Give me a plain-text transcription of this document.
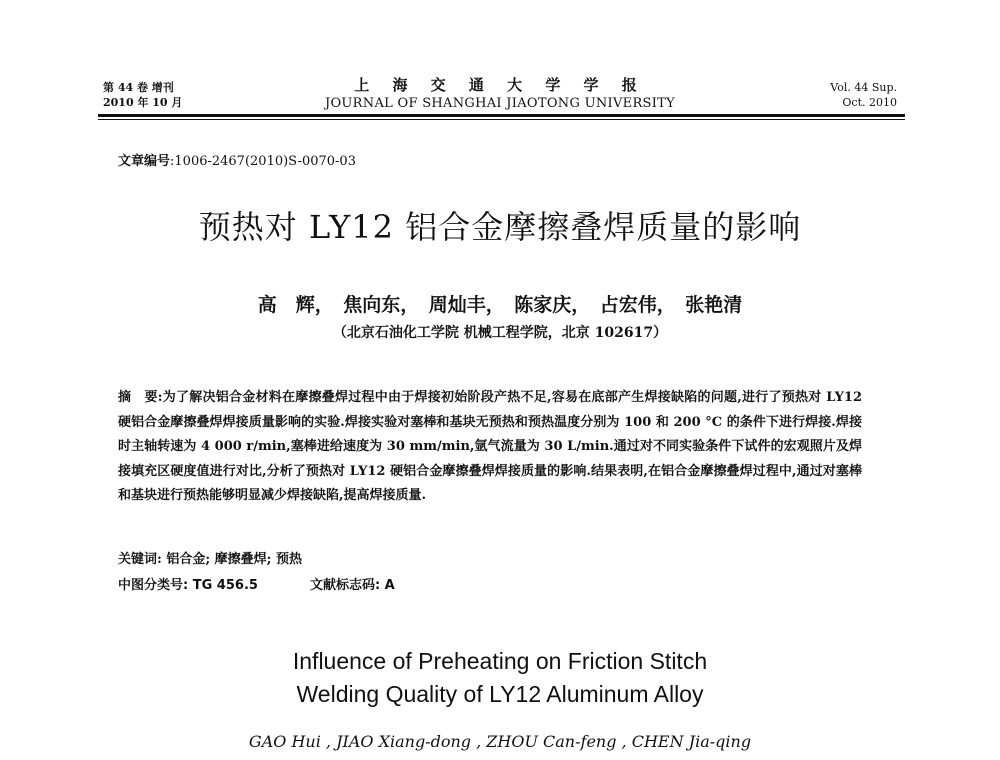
第 44 卷 增刊
2010 年 10 月
上 海 交 通 大 学 学 报
JOURNAL OF SHANGHAI JIAOTONG UNIVERSITY
Vol. 44 Sup.
Oct. 2010
文章编号:1006-2467(2010)S-0070-03
预热对 LY12 铝合金摩擦叠焊质量的影响
高　辉，　焦向东，　周灿丰，　陈家庆，　占宏伟，　张艳清
（北京石油化工学院 机械工程学院，北京 102617）
摘　要:为了解决铝合金材料在摩擦叠焊过程中由于焊接初始阶段产热不足,容易在底部产生焊接缺陷的问题,进行了预热对 LY12 硬铝合金摩擦叠焊焊接质量影响的实验.焊接实验对塞棒和基块无预热和预热温度分别为 100 和 200 °C 的条件下进行焊接.焊接时主轴转速为 4 000 r/min,塞棒进给速度为 30 mm/min,氩气流量为 30 L/min.通过对不同实验条件下试件的宏观照片及焊接填充区硬度值进行对比,分析了预热对 LY12 硬铝合金摩擦叠焊焊接质量的影响.结果表明,在铝合金摩擦叠焊过程中,通过对塞棒和基块进行预热能够明显减少焊接缺陷,提高焊接质量.
关键词: 铝合金; 摩擦叠焊; 预热
中图分类号: TG 456.5	文献标志码: A
Influence of Preheating on Friction Stitch
Welding Quality of LY12 Aluminum Alloy
GAO Hui , JIAO Xiang-dong , ZHOU Can-feng , CHEN Jia-qing
